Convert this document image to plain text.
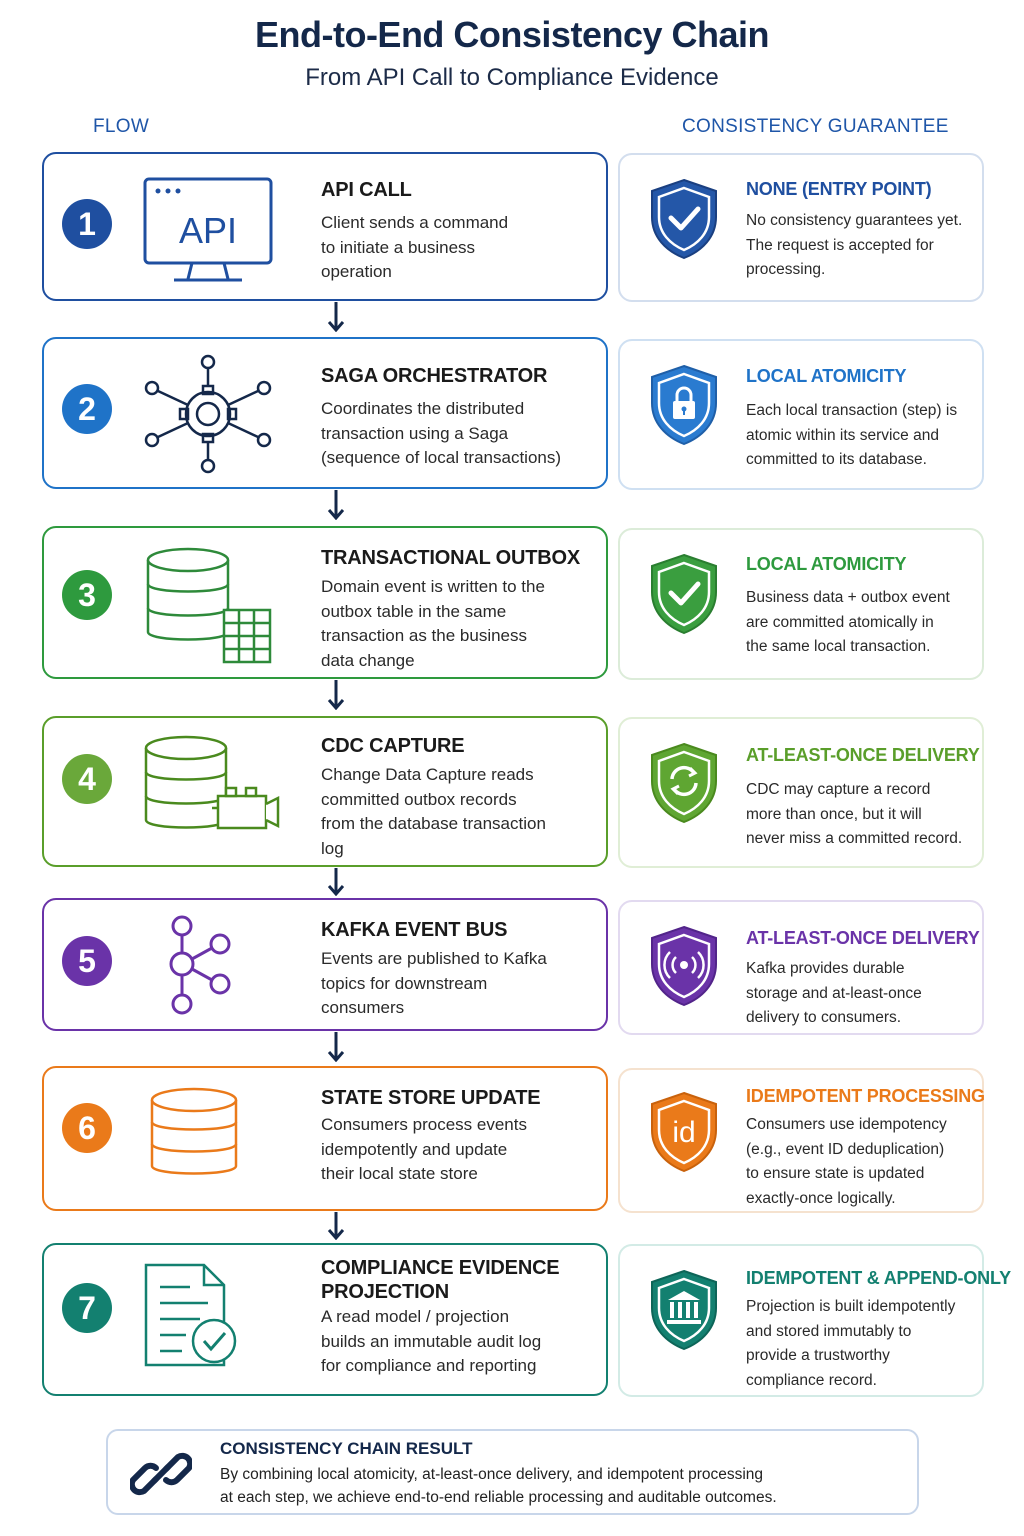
End-to-End Consistency Chain
From API Call to Compliance Evidence
FLOW	CONSISTENCY GUARANTEE
1	API
API CALL
Client sends a command
to initiate a business
operation
NONE (ENTRY POINT)
No consistency guarantees yet.
The request is accepted for
processing.
2
SAGA ORCHESTRATOR
Coordinates the distributed
transaction using a Saga
(sequence of local transactions)
LOCAL ATOMICITY
Each local transaction (step) is
atomic within its service and
committed to its database.
3
TRANSACTIONAL OUTBOX
Domain event is written to the
outbox table in the same
transaction as the business
data change
LOCAL ATOMICITY
Business data + outbox event
are committed atomically in
the same local transaction.
4
CDC CAPTURE
Change Data Capture reads
committed outbox records
from the database transaction
log
AT-LEAST-ONCE DELIVERY
CDC may capture a record
more than once, but it will
never miss a committed record.
5
KAFKA EVENT BUS
Events are published to Kafka
topics for downstream
consumers
AT-LEAST-ONCE DELIVERY
Kafka provides durable
storage and at-least-once
delivery to consumers.
6
STATE STORE UPDATE
Consumers process events
idempotently and update
their local state store
id
IDEMPOTENT PROCESSING
Consumers use idempotency
(e.g., event ID deduplication)
to ensure state is updated
exactly-once logically.
7
COMPLIANCE EVIDENCE
PROJECTION
A read model / projection
builds an immutable audit log
for compliance and reporting
IDEMPOTENT & APPEND-ONLY
Projection is built idempotently
and stored immutably to
provide a trustworthy
compliance record.
CONSISTENCY CHAIN RESULT
By combining local atomicity, at-least-once delivery, and idempotent processing
at each step, we achieve end-to-end reliable processing and auditable outcomes.
